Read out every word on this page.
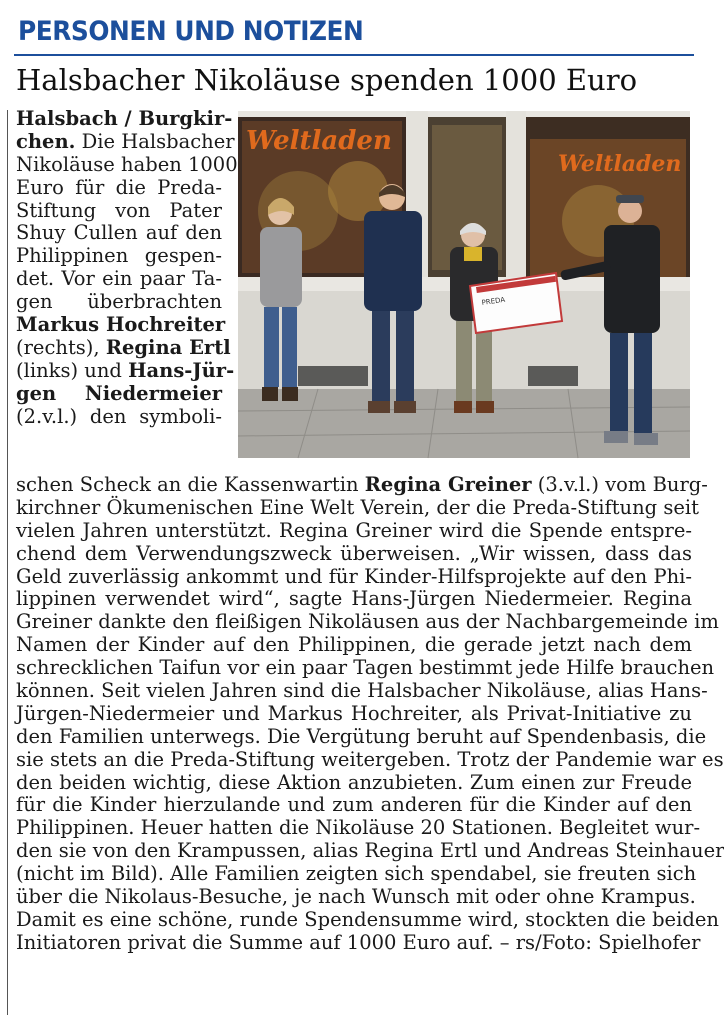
PERSONEN UND NOTIZEN
Halsbacher Nikoläuse spenden 1000 Euro
Weltladen
Weltladen
PREDA
Halsbach / Burgkir-
chen. Die Halsbacher
Nikoläuse haben 1000
Euro für die Preda-
Stiftung von Pater
Shuy Cullen auf den
Philippinen gespen-
det. Vor ein paar Ta-
gen überbrachten
Markus Hochreiter
(rechts), Regina Ertl
(links) und Hans-Jür-
gen Niedermeier
(2.v.l.) den symboli-
schen Scheck an die Kassenwartin Regina Greiner (3.v.l.) vom Burg-
kirchner Ökumenischen Eine Welt Verein, der die Preda-Stiftung seit
vielen Jahren unterstützt. Regina Greiner wird die Spende entspre-
chend dem Verwendungszweck überweisen. „Wir wissen, dass das
Geld zuverlässig ankommt und für Kinder-Hilfsprojekte auf den Phi-
lippinen verwendet wird“, sagte Hans-Jürgen Niedermeier. Regina
Greiner dankte den fleißigen Nikoläusen aus der Nachbargemeinde im
Namen der Kinder auf den Philippinen, die gerade jetzt nach dem
schrecklichen Taifun vor ein paar Tagen bestimmt jede Hilfe brauchen
können. Seit vielen Jahren sind die Halsbacher Nikoläuse, alias Hans-
Jürgen-Niedermeier und Markus Hochreiter, als Privat-Initiative zu
den Familien unterwegs. Die Vergütung beruht auf Spendenbasis, die
sie stets an die Preda-Stiftung weitergeben. Trotz der Pandemie war es
den beiden wichtig, diese Aktion anzubieten. Zum einen zur Freude
für die Kinder hierzulande und zum anderen für die Kinder auf den
Philippinen. Heuer hatten die Nikoläuse 20 Stationen. Begleitet wur-
den sie von den Krampussen, alias Regina Ertl und Andreas Steinhauer
(nicht im Bild). Alle Familien zeigten sich spendabel, sie freuten sich
über die Nikolaus-Besuche, je nach Wunsch mit oder ohne Krampus.
Damit es eine schöne, runde Spendensumme wird, stockten die beiden
Initiatoren privat die Summe auf 1000 Euro auf. – rs/Foto: Spielhofer
